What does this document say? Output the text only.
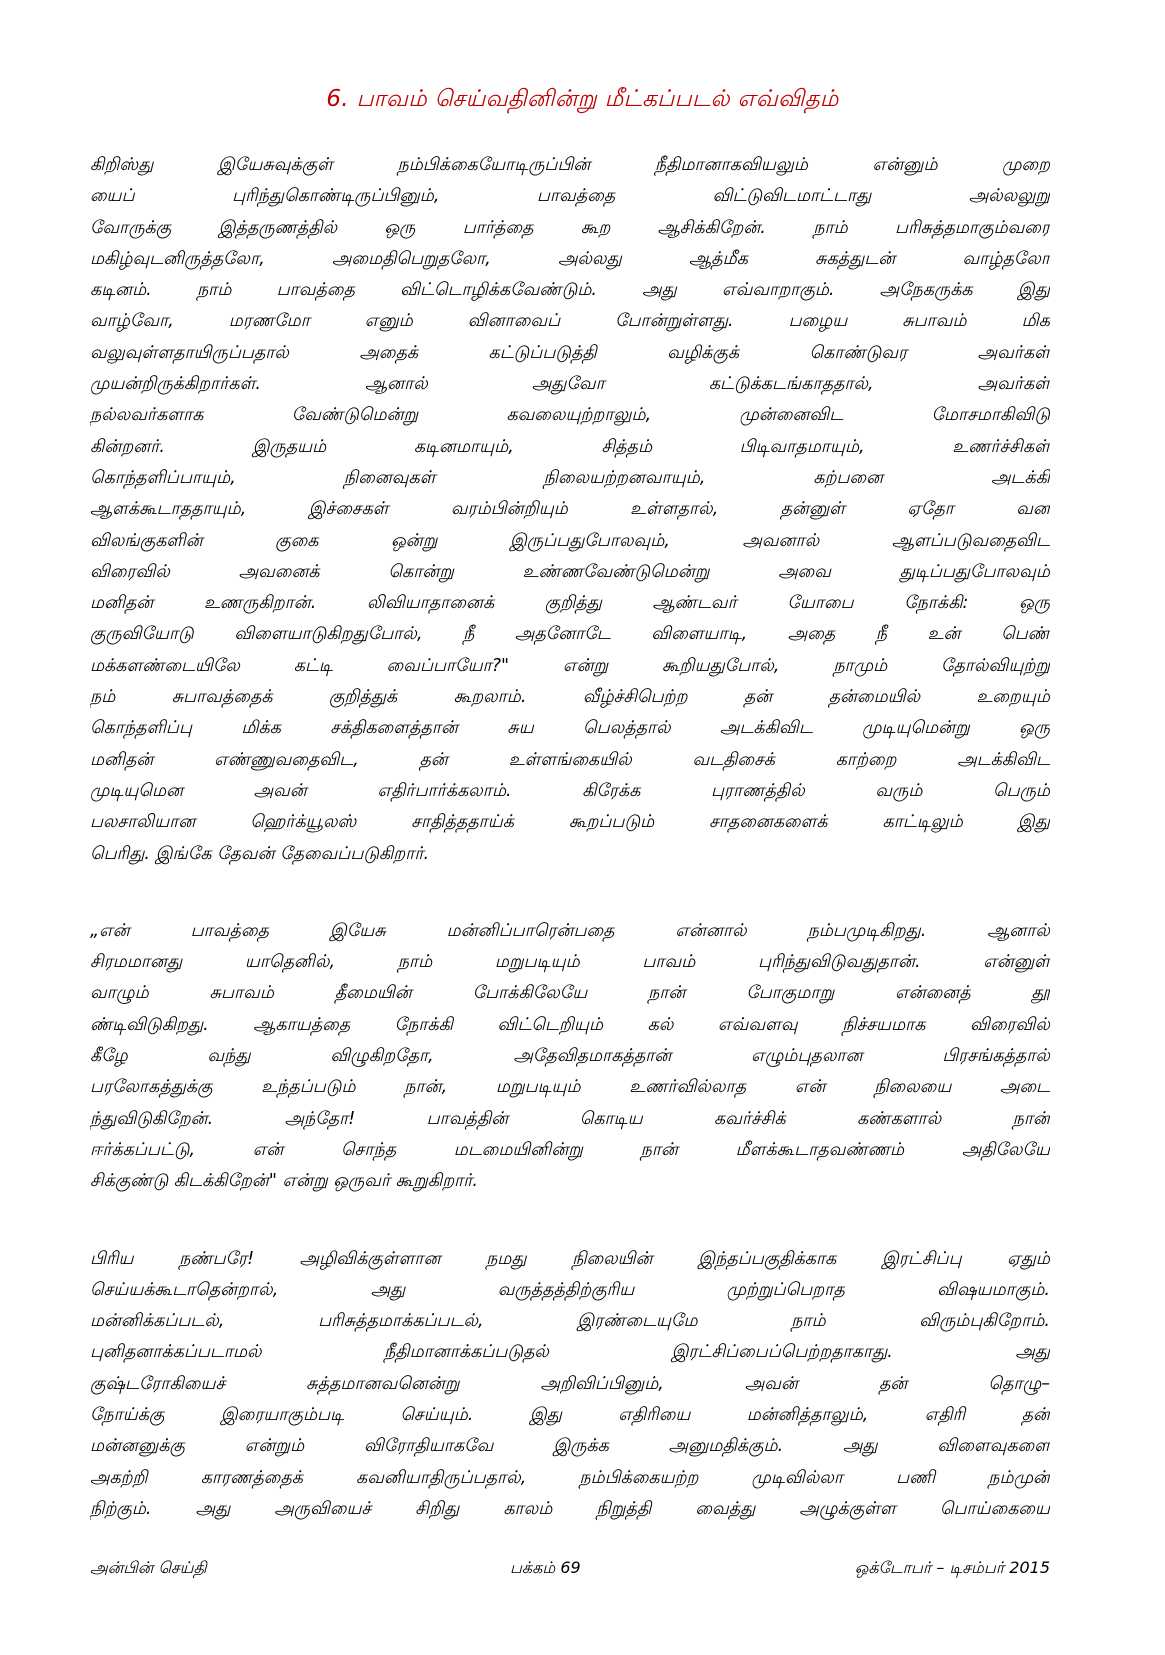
6. பாவம் செய்வதினின்று மீட்கப்படல் எவ்விதம்
கிறிஸ்து இயேசுவுக்குள் நம்பிக்கையோடிருப்பின் நீதிமானாகவியலும் என்னும் முறை
யைப் புரிந்துகொண்டிருப்பினும், பாவத்தை விட்டுவிடமாட்டாது அல்லலுறு
வோருக்கு இத்தருணத்தில் ஒரு பார்த்தை கூற ஆசிக்கிறேன். நாம் பரிசுத்தமாகும்வரை
மகிழ்வுடனிருத்தலோ, அமைதிபெறுதலோ, அல்லது ஆத்மீக சுகத்துடன் வாழ்தலோ
கடினம். நாம் பாவத்தை விட்டொழிக்கவேண்டும். அது எவ்வாறாகும். அநேகருக்க இது
வாழ்வோ, மரணமோ எனும் வினாவைப் போன்றுள்ளது. பழைய சுபாவம் மிக
வலுவுள்ளதாயிருப்பதால் அதைக் கட்டுப்படுத்தி வழிக்குக் கொண்டுவர அவர்கள்
முயன்றிருக்கிறார்கள். ஆனால் அதுவோ கட்டுக்கடங்காததால், அவர்கள்
நல்லவர்களாக வேண்டுமென்று கவலையுற்றாலும், முன்னைவிட மோசமாகிவிடு
கின்றனர். இருதயம் கடினமாயும், சித்தம் பிடிவாதமாயும், உணர்ச்சிகள்
கொந்தளிப்பாயும், நினைவுகள் நிலையற்றனவாயும், கற்பனை அடக்கி
ஆளக்கூடாததாயும், இச்சைகள் வரம்பின்றியும் உள்ளதால், தன்னுள் ஏதோ வன
விலங்குகளின் குகை ஒன்று இருப்பதுபோலவும், அவனால் ஆளப்படுவதைவிட
விரைவில் அவனைக் கொன்று உண்ணவேண்டுமென்று அவை துடிப்பதுபோலவும்
மனிதன் உணருகிறான். லிவியாதானைக் குறித்து ஆண்டவர் யோபை நோக்கி: ஒரு
குருவியோடு விளையாடுகிறதுபோல், நீ அதனோடே விளையாடி, அதை நீ உன் பெண்
மக்களண்டையிலே கட்டி வைப்பாயோ?" என்று கூறியதுபோல், நாமும் தோல்வியுற்று
நம் சுபாவத்தைக் குறித்துக் கூறலாம். வீழ்ச்சிபெற்ற தன் தன்மையில் உறையும்
கொந்தளிப்பு மிக்க சக்திகளைத்தான் சுய பெலத்தால் அடக்கிவிட முடியுமென்று ஒரு
மனிதன் எண்ணுவதைவிட, தன் உள்ளங்கையில் வடதிசைக் காற்றை அடக்கிவிட
முடியுமென அவன் எதிர்பார்க்கலாம். கிரேக்க புராணத்தில் வரும் பெரும்
பலசாலியான ஹெர்க்யூலஸ் சாதித்ததாய்க் கூறப்படும் சாதனைகளைக் காட்டிலும் இது
பெரிது. இங்கே தேவன் தேவைப்படுகிறார்.
„என் பாவத்தை இயேசு மன்னிப்பாரென்பதை என்னால் நம்பமுடிகிறது. ஆனால்
சிரமமானது யாதெனில், நாம் மறுபடியும் பாவம் புரிந்துவிடுவதுதான். என்னுள்
வாழும் சுபாவம் தீமையின் போக்கிலேயே நான் போகுமாறு என்னைத் தூ
ண்டிவிடுகிறது. ஆகாயத்தை நோக்கி விட்டெறியும் கல் எவ்வளவு நிச்சயமாக விரைவில்
கீழே வந்து விழுகிறதோ, அதேவிதமாகத்தான் எழும்புதலான பிரசங்கத்தால்
பரலோகத்துக்கு உந்தப்படும் நான், மறுபடியும் உணர்வில்லாத என் நிலையை அடை
ந்துவிடுகிறேன். அந்தோ! பாவத்தின் கொடிய கவர்ச்சிக் கண்களால் நான்
ஈர்க்கப்பட்டு, என் சொந்த மடமையினின்று நான் மீளக்கூடாதவண்ணம் அதிலேயே
சிக்குண்டு கிடக்கிறேன்" என்று ஒருவர் கூறுகிறார்.
பிரிய நண்பரே! அழிவிக்குள்ளான நமது நிலையின் இந்தப்பகுதிக்காக இரட்சிப்பு ஏதும்
செய்யக்கூடாதென்றால், அது வருத்தத்திற்குரிய முற்றுப்பெறாத விஷயமாகும்.
மன்னிக்கப்படல், பரிசுத்தமாக்கப்படல், இரண்டையுமே நாம் விரும்புகிறோம்.
புனிதனாக்கப்படாமல் நீதிமானாக்கப்படுதல் இரட்சிப்பைப்பெற்றதாகாது. அது
குஷ்டரோகியைச் சுத்தமானவனென்று அறிவிப்பினும், அவன் தன் தொழு–
நோய்க்கு இரையாகும்படி செய்யும். இது எதிரியை மன்னித்தாலும், எதிரி தன்
மன்னனுக்கு என்றும் விரோதியாகவே இருக்க அனுமதிக்கும். அது விளைவுகளை
அகற்றி காரணத்தைக் கவனியாதிருப்பதால், நம்பிக்கையற்ற முடிவில்லா பணி நம்முன்
நிற்கும். அது அருவியைச் சிறிது காலம் நிறுத்தி வைத்து அழுக்குள்ள பொய்கையை
அன்பின் செய்தி	பக்கம் 69	ஒக்டோபர் – டிசம்பர் 2015
